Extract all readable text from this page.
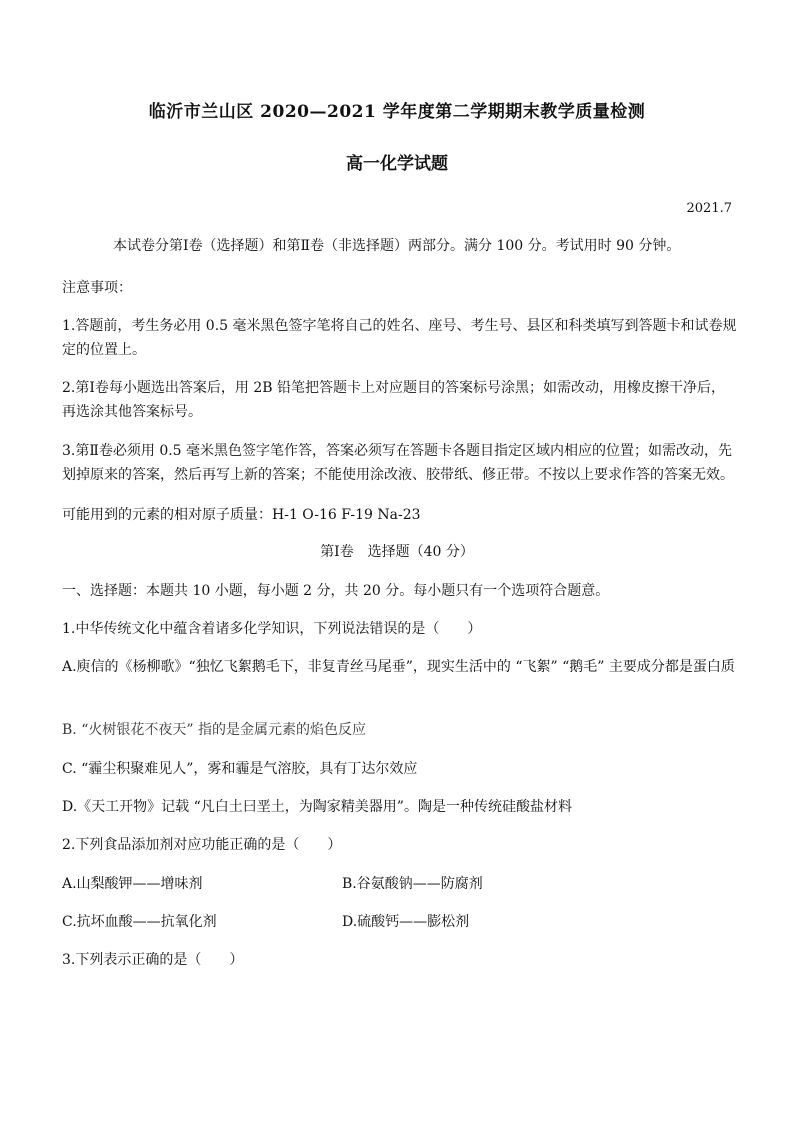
临沂市兰山区 2020—2021 学年度第二学期期末教学质量检测
高一化学试题
2021.7
本试卷分第Ⅰ卷（选择题）和第Ⅱ卷（非选择题）两部分。满分 100 分。考试用时 90 分钟。
注意事项：
1.答题前，考生务必用 0.5 毫米黑色签字笔将自己的姓名、座号、考生号、县区和科类填写到答题卡和试卷规定的位置上。
2.第Ⅰ卷每小题选出答案后，用 2B 铅笔把答题卡上对应题目的答案标号涂黑；如需改动，用橡皮擦干净后，再选涂其他答案标号。
3.第Ⅱ卷必须用 0.5 毫米黑色签字笔作答，答案必须写在答题卡各题目指定区域内相应的位置；如需改动，先划掉原来的答案，然后再写上新的答案；不能使用涂改液、胶带纸、修正带。不按以上要求作答的答案无效。
可能用到的元素的相对原子质量：H-1 O-16 F-19 Na-23
第Ⅰ卷　选择题（40 分）
一、选择题：本题共 10 小题，每小题 2 分，共 20 分。每小题只有一个选项符合题意。
1.中华传统文化中蕴含着诸多化学知识，下列说法错误的是（　　）
A.庾信的《杨柳歌》“独忆飞絮鹅毛下，非复青丝马尾垂”，现实生活中的 “飞絮” “鹅毛” 主要成分都是蛋白质
B. “火树银花不夜天” 指的是金属元素的焰色反应
C. “霾尘积聚难见人”，雾和霾是气溶胶，具有丁达尔效应
D.《天工开物》记载 “凡白土曰垩土，为陶家精美器用”。陶是一种传统硅酸盐材料
2.下列食品添加剂对应功能正确的是（　　）
A.山梨酸钾——增味剂	B.谷氨酸钠——防腐剂
C.抗坏血酸——抗氧化剂	D.硫酸钙——膨松剂
3.下列表示正确的是（　　）
